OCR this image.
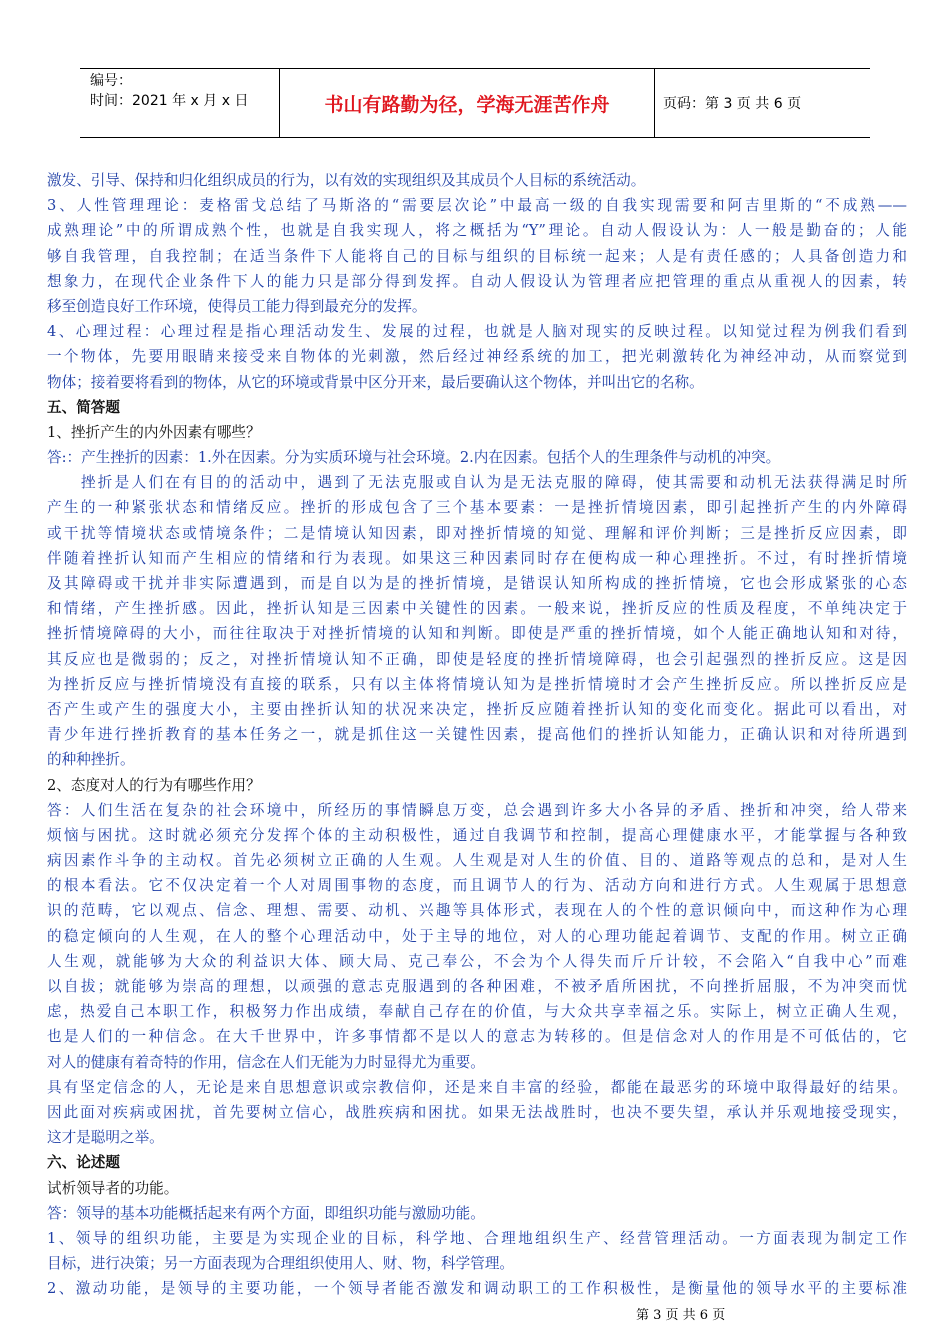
编号：
时间：2021 年 x 月 x 日	书山有路勤为径，学海无涯苦作舟	页码：第 3 页 共 6 页
激发、引导、保持和归化组织成员的行为，以有效的实现组织及其成员个人目标的系统活动。
3、人性管理理论：麦格雷戈总结了马斯洛的“需要层次论”中最高一级的自我实现需要和阿吉里斯的“不成熟——
成熟理论”中的所谓成熟个性，也就是自我实现人，将之概括为“Y”理论。自动人假设认为：人一般是勤奋的；人能
够自我管理，自我控制；在适当条件下人能将自己的目标与组织的目标统一起来；人是有责任感的；人具备创造力和
想象力，在现代企业条件下人的能力只是部分得到发挥。自动人假设认为管理者应把管理的重点从重视人的因素，转
移至创造良好工作环境，使得员工能力得到最充分的发挥。
4、心理过程：心理过程是指心理活动发生、发展的过程，也就是人脑对现实的反映过程。以知觉过程为例我们看到
一个物体，先要用眼睛来接受来自物体的光刺激，然后经过神经系统的加工，把光刺激转化为神经冲动，从而察觉到
物体；接着要将看到的物体，从它的环境或背景中区分开来，最后要确认这个物体，并叫出它的名称。
五、简答题
1、挫折产生的内外因素有哪些？
答:：产生挫折的因素：1.外在因素。分为实质环境与社会环境。2.内在因素。包括个人的生理条件与动机的冲突。
　　挫折是人们在有目的的活动中，遇到了无法克服或自认为是无法克服的障碍，使其需要和动机无法获得满足时所
产生的一种紧张状态和情绪反应。挫折的形成包含了三个基本要素：一是挫折情境因素，即引起挫折产生的内外障碍
或干扰等情境状态或情境条件；二是情境认知因素，即对挫折情境的知觉、理解和评价判断；三是挫折反应因素，即
伴随着挫折认知而产生相应的情绪和行为表现。如果这三种因素同时存在便构成一种心理挫折。不过，有时挫折情境
及其障碍或干扰并非实际遭遇到，而是自以为是的挫折情境，是错误认知所构成的挫折情境，它也会形成紧张的心态
和情绪，产生挫折感。因此，挫折认知是三因素中关键性的因素。一般来说，挫折反应的性质及程度，不单纯决定于
挫折情境障碍的大小，而往往取决于对挫折情境的认知和判断。即使是严重的挫折情境，如个人能正确地认知和对待，
其反应也是微弱的；反之，对挫折情境认知不正确，即使是轻度的挫折情境障碍，也会引起强烈的挫折反应。这是因
为挫折反应与挫折情境没有直接的联系，只有以主体将情境认知为是挫折情境时才会产生挫折反应。所以挫折反应是
否产生或产生的强度大小，主要由挫折认知的状况来决定，挫折反应随着挫折认知的变化而变化。据此可以看出，对
青少年进行挫折教育的基本任务之一，就是抓住这一关键性因素，提高他们的挫折认知能力，正确认识和对待所遇到
的种种挫折。
2、态度对人的行为有哪些作用？
答：人们生活在复杂的社会环境中，所经历的事情瞬息万变，总会遇到许多大小各异的矛盾、挫折和冲突，给人带来
烦恼与困扰。这时就必须充分发挥个体的主动积极性，通过自我调节和控制，提高心理健康水平，才能掌握与各种致
病因素作斗争的主动权。首先必须树立正确的人生观。人生观是对人生的价值、目的、道路等观点的总和，是对人生
的根本看法。它不仅决定着一个人对周围事物的态度，而且调节人的行为、活动方向和进行方式。人生观属于思想意
识的范畴，它以观点、信念、理想、需要、动机、兴趣等具体形式，表现在人的个性的意识倾向中，而这种作为心理
的稳定倾向的人生观，在人的整个心理活动中，处于主导的地位，对人的心理功能起着调节、支配的作用。树立正确
人生观，就能够为大众的利益识大体、顾大局、克己奉公，不会为个人得失而斤斤计较，不会陷入“自我中心”而难
以自拔；就能够为崇高的理想，以顽强的意志克服遇到的各种困难，不被矛盾所困扰，不向挫折屈服，不为冲突而忧
虑，热爱自己本职工作，积极努力作出成绩，奉献自己存在的价值，与大众共享幸福之乐。实际上，树立正确人生观，
也是人们的一种信念。在大千世界中，许多事情都不是以人的意志为转移的。但是信念对人的作用是不可低估的，它
对人的健康有着奇特的作用，信念在人们无能为力时显得尤为重要。
具有坚定信念的人，无论是来自思想意识或宗教信仰，还是来自丰富的经验，都能在最恶劣的环境中取得最好的结果。
因此面对疾病或困扰，首先要树立信心，战胜疾病和困扰。如果无法战胜时，也决不要失望，承认并乐观地接受现实，
这才是聪明之举。
六、论述题
试析领导者的功能。
答：领导的基本功能概括起来有两个方面，即组织功能与激励功能。
1、领导的组织功能，主要是为实现企业的目标，科学地、合理地组织生产、经营管理活动。一方面表现为制定工作
目标，进行决策；另一方面表现为合理组织使用人、财、物，科学管理。
2、激动功能，是领导的主要功能，一个领导者能否激发和调动职工的工作积极性，是衡量他的领导水平的主要标准
第 3 页 共 6 页
